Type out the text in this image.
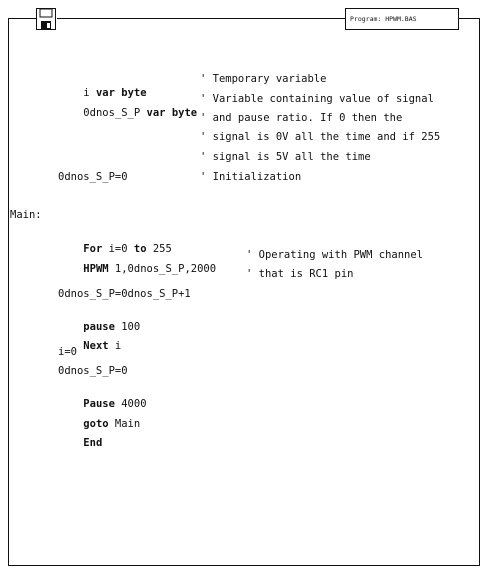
Program: HPWM.BAS

i var byte

' Temporary variable

0dnos_S_P var byte

' Variable containing value of signal
' and pause ratio. If 0 then the
' signal is 0V all the time and if 255
' signal is 5V all the time
0dnos_S_P=0	' Initialization
Main:

For i=0 to 255

HPWM 1,0dnos_S_P,2000

' Operating with PWM channel
' that is RC1 pin
0dnos_S_P=0dnos_S_P+1

pause 100

Next i

i=0
0dnos_S_P=0

Pause 4000

goto Main

End
